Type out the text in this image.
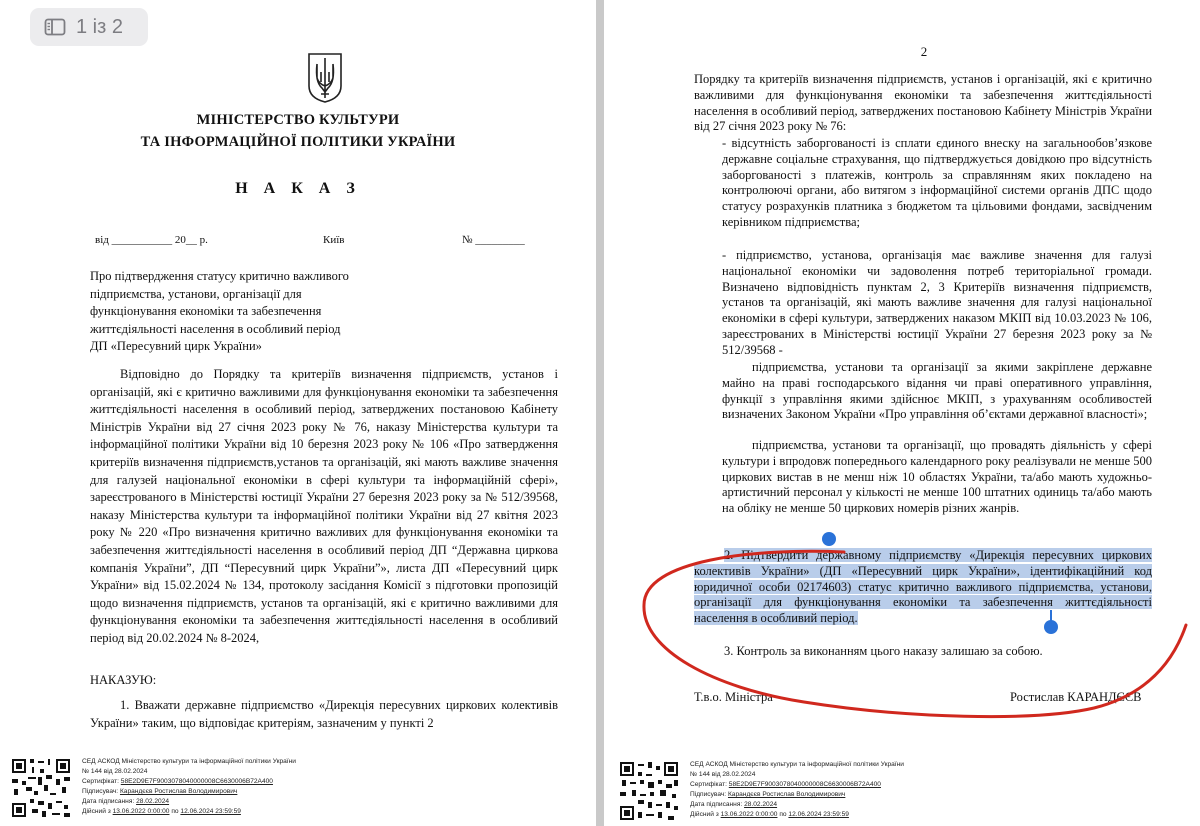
1 із 2
МІНІСТЕРСТВО КУЛЬТУРИ
ТА ІНФОРМАЦІЙНОЇ ПОЛІТИКИ УКРАЇНИ
Н А К А З
від ___________ 20__ р.	Київ	№ _________
Про підтвердження статусу критично важливого
підприємства, установи, організації для
функціонування економіки та забезпечення
життєдіяльності населення в особливий період
ДП «Пересувний цирк України»
Відповідно до Порядку та критеріїв визначення підприємств, установ і організацій, які є критично важливими для функціонування економіки та забезпечення життєдіяльності населення в особливий період, затверджених постановою Кабінету Міністрів України від 27 січня 2023 року № 76, наказу Міністерства культури та інформаційної політики України від 10 березня 2023 року № 106 «Про затвердження критеріїв визначення підприємств,установ та організацій, які мають важливе значення для галузей національної економіки в сфері культури та інформаційній сфері», зареєстрованого в Міністерстві юстиції України 27 березня 2023 року за № 512/39568, наказу Міністерства культури та інформаційної політики України від 27 квітня 2023 року № 220 «Про визначення критично важливих для функціонування економіки та забезпечення життєдіяльності населення в особливий період ДП “Державна циркова компанія України”, ДП “Пересувний цирк України”», листа ДП «Пересувний цирк України» від 15.02.2024 № 134, протоколу засідання Комісії з підготовки пропозицій щодо визначення підприємств, установ та організацій, які є критично важливими для функціонування економіки та забезпечення життєдіяльності населення в особливий період від 20.02.2024 № 8-2024,
НАКАЗУЮ:
1. Вважати державне підприємство «Дирекція пересувних циркових колективів України» таким, що відповідає критеріям, зазначеним у пункті 2
СЕД АСКОД Міністерство культури та інформаційної політики України
№ 144 від 28.02.2024
Сертифікат: 58E2D9E7F9003078040000008C6630006B72A400
Підписувач: Карандєєв Ростислав Володимирович
Дата підписання: 28.02.2024
Дійсний з 13.06.2022 0:00:00 по 12.06.2024 23:59:59
2
Порядку та критеріїв визначення підприємств, установ і організацій, які є критично важливими для функціонування економіки та забезпечення життєдіяльності населення в особливий період, затверджених постановою Кабінету Міністрів України від 27 січня 2023 року № 76:
- відсутність заборгованості із сплати єдиного внеску на загальнообов’язкове державне соціальне страхування, що підтверджується довідкою про відсутність заборгованості з платежів, контроль за справлянням яких покладено на контролюючі органи, або витягом з інформаційної системи органів ДПС щодо статусу розрахунків платника з бюджетом та цільовими фондами, засвідченим керівником підприємства;
- підприємство, установа, організація має важливе значення для галузі національної економіки чи задоволення потреб територіальної громади. Визначено відповідність пунктам 2, 3 Критеріїв визначення підприємств, установ та організацій, які мають важливе значення для галузі національної економіки в сфері культури, затверджених наказом МКІП від 10.03.2023 № 106, зареєстрованих в Міністерстві юстиції України 27 березня 2023 року за № 512/39568 -
підприємства, установи та організації за якими закріплене державне майно на праві господарського відання чи праві оперативного управління, функції з управління якими здійснює МКІП, з урахуванням особливостей визначених Законом України «Про управління об’єктами державної власності»;
підприємства, установи та організації, що провадять діяльність у сфері культури і впродовж попереднього календарного року реалізували не менше 500 циркових вистав в не менш ніж 10 областях України, та/або мають художньо-артистичний персонал у кількості не менше 100 штатних одиниць та/або мають на обліку не менше 50 циркових номерів різних жанрів.
2. Підтвердити державному підприємству «Дирекція пересувних циркових колективів України» (ДП «Пересувний цирк України», ідентифікаційний код юридичної особи 02174603) статус критично важливого підприємства, установи, організації для функціонування економіки та забезпечення життєдіяльності населення в особливий період.
3. Контроль за виконанням цього наказу залишаю за собою.
Т.в.о. Міністра	Ростислав КАРАНДЄЄВ
СЕД АСКОД Міністерство культури та інформаційної політики України
№ 144 від 28.02.2024
Сертифікат: 58E2D9E7F9003078040000008C6630006B72A400
Підписувач: Карандєєв Ростислав Володимирович
Дата підписання: 28.02.2024
Дійсний з 13.06.2022 0:00:00 по 12.06.2024 23:59:59
